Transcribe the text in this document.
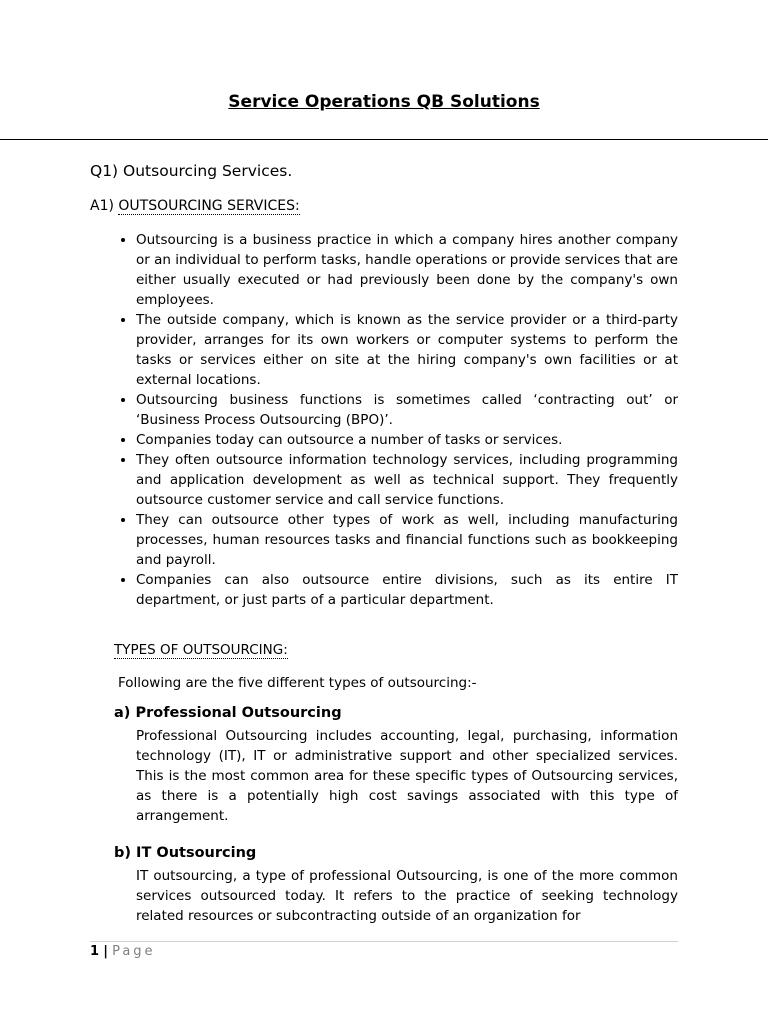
Service Operations QB Solutions
Q1) Outsourcing Services.
A1) OUTSOURCING SERVICES:
• Outsourcing is a business practice in which a company hires another company or an individual to perform tasks, handle operations or provide services that are either usually executed or had previously been done by the company's own employees.
• The outside company, which is known as the service provider or a third-party provider, arranges for its own workers or computer systems to perform the tasks or services either on site at the hiring company's own facilities or at external locations.
• Outsourcing business functions is sometimes called ‘contracting out’ or ‘Business Process Outsourcing (BPO)’.
• Companies today can outsource a number of tasks or services.
• They often outsource information technology services, including programming and application development as well as technical support. They frequently outsource customer service and call service functions.
• They can outsource other types of work as well, including manufacturing processes, human resources tasks and financial functions such as bookkeeping and payroll.
• Companies can also outsource entire divisions, such as its entire IT department, or just parts of a particular department.
TYPES OF OUTSOURCING:
Following are the five different types of outsourcing:-
a) Professional Outsourcing
Professional Outsourcing includes accounting, legal, purchasing, information technology (IT), IT or administrative support and other specialized services. This is the most common area for these specific types of Outsourcing services, as there is a potentially high cost savings associated with this type of arrangement.
b) IT Outsourcing
IT outsourcing, a type of professional Outsourcing, is one of the more common services outsourced today. It refers to the practice of seeking technology related resources or subcontracting outside of an organization for
1 | Page
